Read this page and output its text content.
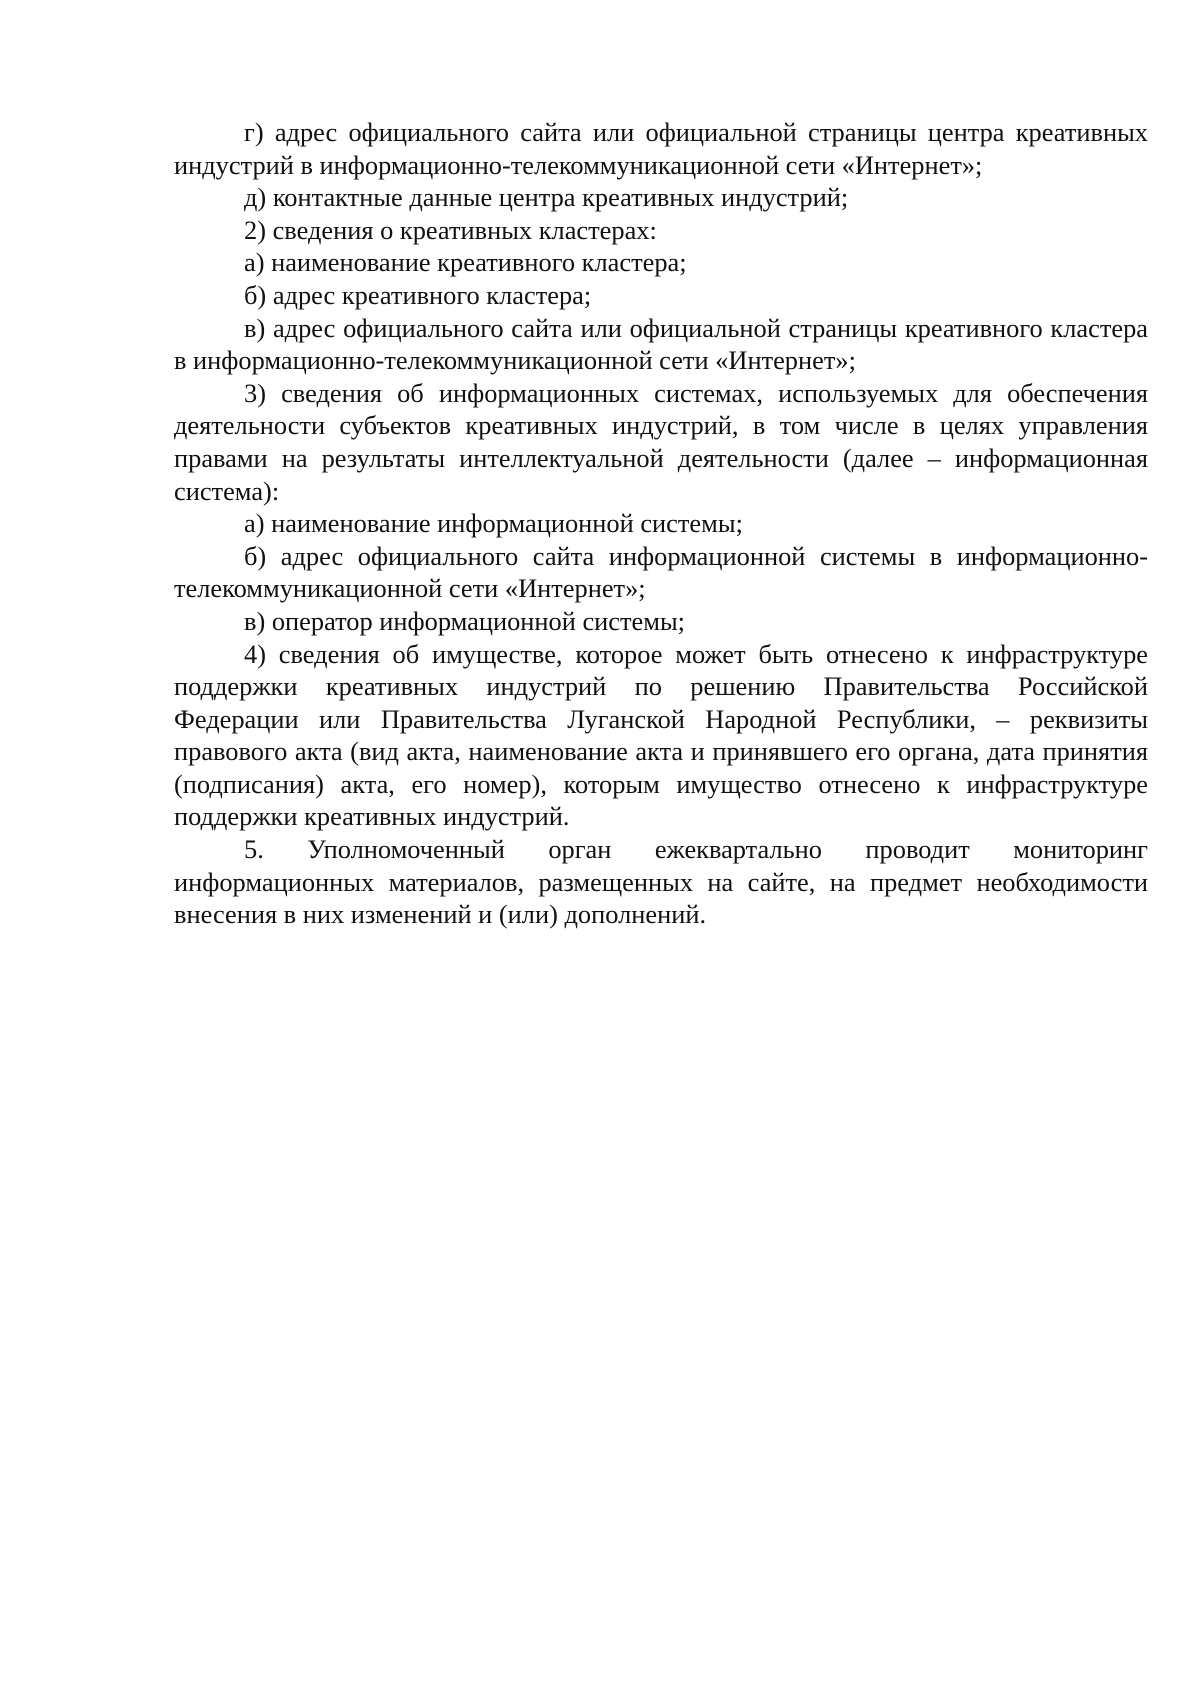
г) адрес официального сайта или официальной страницы центра креативных индустрий в информационно-телекоммуникационной сети «Интернет»;

д) контактные данные центра креативных индустрий;

2) сведения о креативных кластерах:

а) наименование креативного кластера;

б) адрес креативного кластера;

в) адрес официального сайта или официальной страницы креативного кластера в информационно-телекоммуникационной сети «Интернет»;

3) сведения об информационных системах, используемых для обеспечения деятельности субъектов креативных индустрий, в том числе в целях управления правами на результаты интеллектуальной деятельности (далее – информационная система):

а) наименование информационной системы;

б) адрес официального сайта информационной системы в информационно-телекоммуникационной сети «Интернет»;

в) оператор информационной системы;

4) сведения об имуществе, которое может быть отнесено к инфраструктуре поддержки креативных индустрий по решению Правительства Российской Федерации или Правительства Луганской Народной Республики, – реквизиты правового акта (вид акта, наименование акта и принявшего его органа, дата принятия (подписания) акта, его номер), которым имущество отнесено к инфраструктуре поддержки креативных индустрий.

5. Уполномоченный орган ежеквартально проводит мониторинг информационных материалов, размещенных на сайте, на предмет необходимости внесения в них изменений и (или) дополнений.
